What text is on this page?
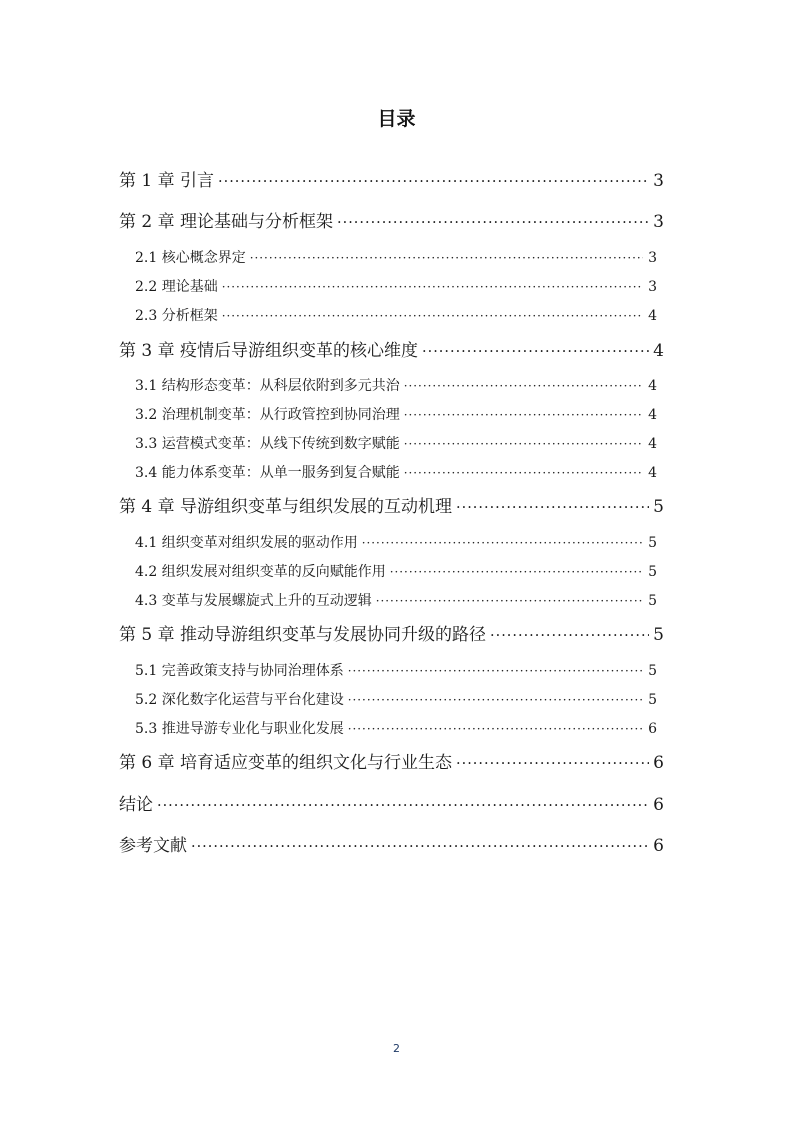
目录
第 1 章 引言 ·····	3
第 2 章 理论基础与分析框架 ·····	3
2.1 核心概念界定 ·····	3
2.2 理论基础 ·····	3
2.3 分析框架 ·····	4
第 3 章 疫情后导游组织变革的核心维度 ·····	4
3.1 结构形态变革：从科层依附到多元共治 ·····	4
3.2 治理机制变革：从行政管控到协同治理 ·····	4
3.3 运营模式变革：从线下传统到数字赋能 ·····	4
3.4 能力体系变革：从单一服务到复合赋能 ·····	4
第 4 章 导游组织变革与组织发展的互动机理 ·····	5
4.1 组织变革对组织发展的驱动作用 ·····	5
4.2 组织发展对组织变革的反向赋能作用 ·····	5
4.3 变革与发展螺旋式上升的互动逻辑 ·····	5
第 5 章 推动导游组织变革与发展协同升级的路径 ·····	5
5.1 完善政策支持与协同治理体系 ·····	5
5.2 深化数字化运营与平台化建设 ·····	5
5.3 推进导游专业化与职业化发展 ·····	6
第 6 章 培育适应变革的组织文化与行业生态 ·····	6
结论 ·····	6
参考文献 ·····	6
2
